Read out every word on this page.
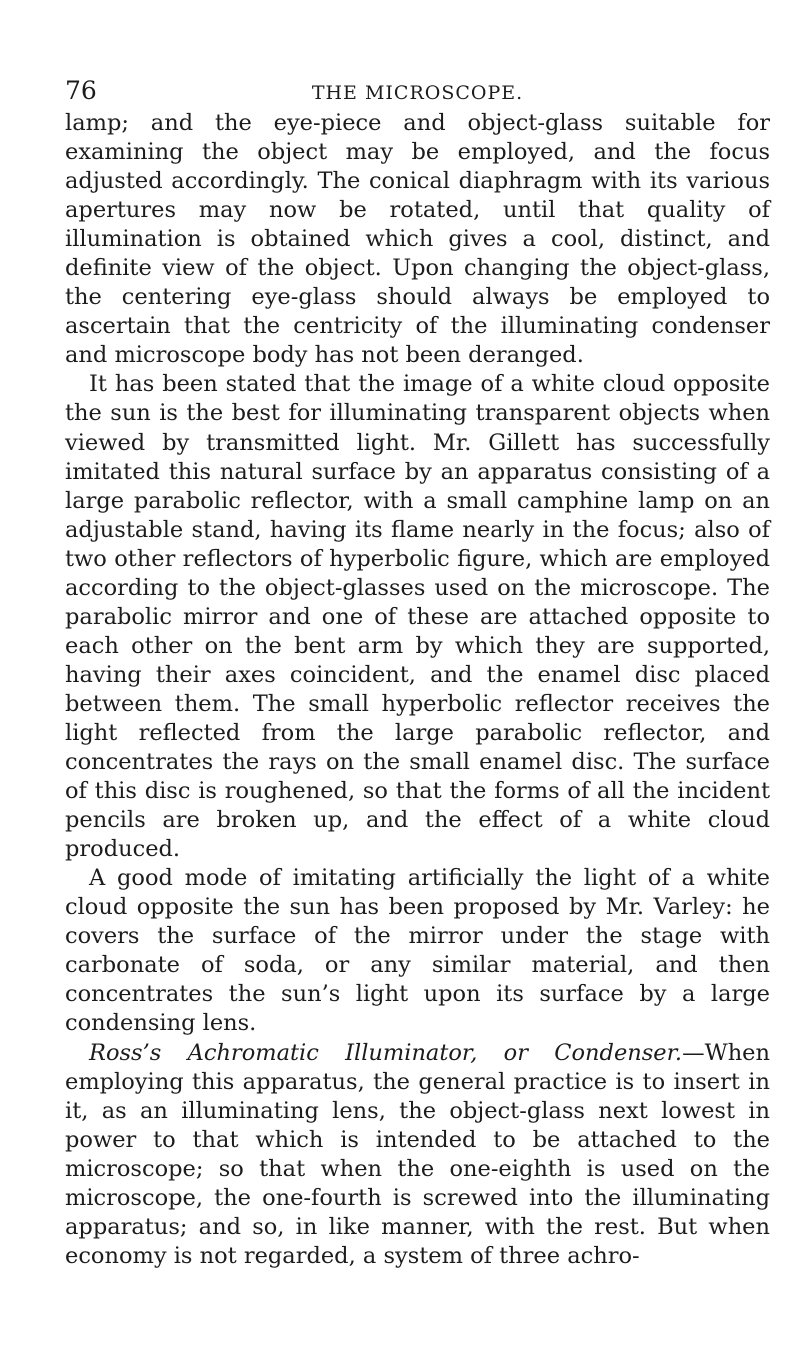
76	THE MICROSCOPE.

lamp; and the eye-piece and object-glass suitable for examining the object may be employed, and the focus adjusted accordingly. The conical diaphragm with its various apertures may now be rotated, until that quality of illumination is obtained which gives a cool, distinct, and definite view of the object. Upon changing the object-glass, the centering eye-glass should always be employed to ascertain that the centricity of the illuminating condenser and microscope body has not been deranged.

It has been stated that the image of a white cloud opposite the sun is the best for illuminating transparent objects when viewed by transmitted light. Mr. Gillett has successfully imitated this natural surface by an apparatus consisting of a large parabolic reflector, with a small camphine lamp on an adjustable stand, having its flame nearly in the focus; also of two other reflectors of hyperbolic figure, which are employed according to the object-glasses used on the microscope. The parabolic mirror and one of these are attached opposite to each other on the bent arm by which they are supported, having their axes coincident, and the enamel disc placed between them. The small hyperbolic reflector receives the light reflected from the large parabolic reflector, and concentrates the rays on the small enamel disc. The surface of this disc is roughened, so that the forms of all the incident pencils are broken up, and the effect of a white cloud produced.

A good mode of imitating artificially the light of a white cloud opposite the sun has been proposed by Mr. Varley: he covers the surface of the mirror under the stage with carbonate of soda, or any similar material, and then concentrates the sun’s light upon its surface by a large condensing lens.

Ross’s Achromatic Illuminator, or Condenser.—When employing this apparatus, the general practice is to insert in it, as an illuminating lens, the object-glass next lowest in power to that which is intended to be attached to the microscope; so that when the one-eighth is used on the microscope, the one-fourth is screwed into the illuminating apparatus; and so, in like manner, with the rest. But when economy is not regarded, a system of three achro-
